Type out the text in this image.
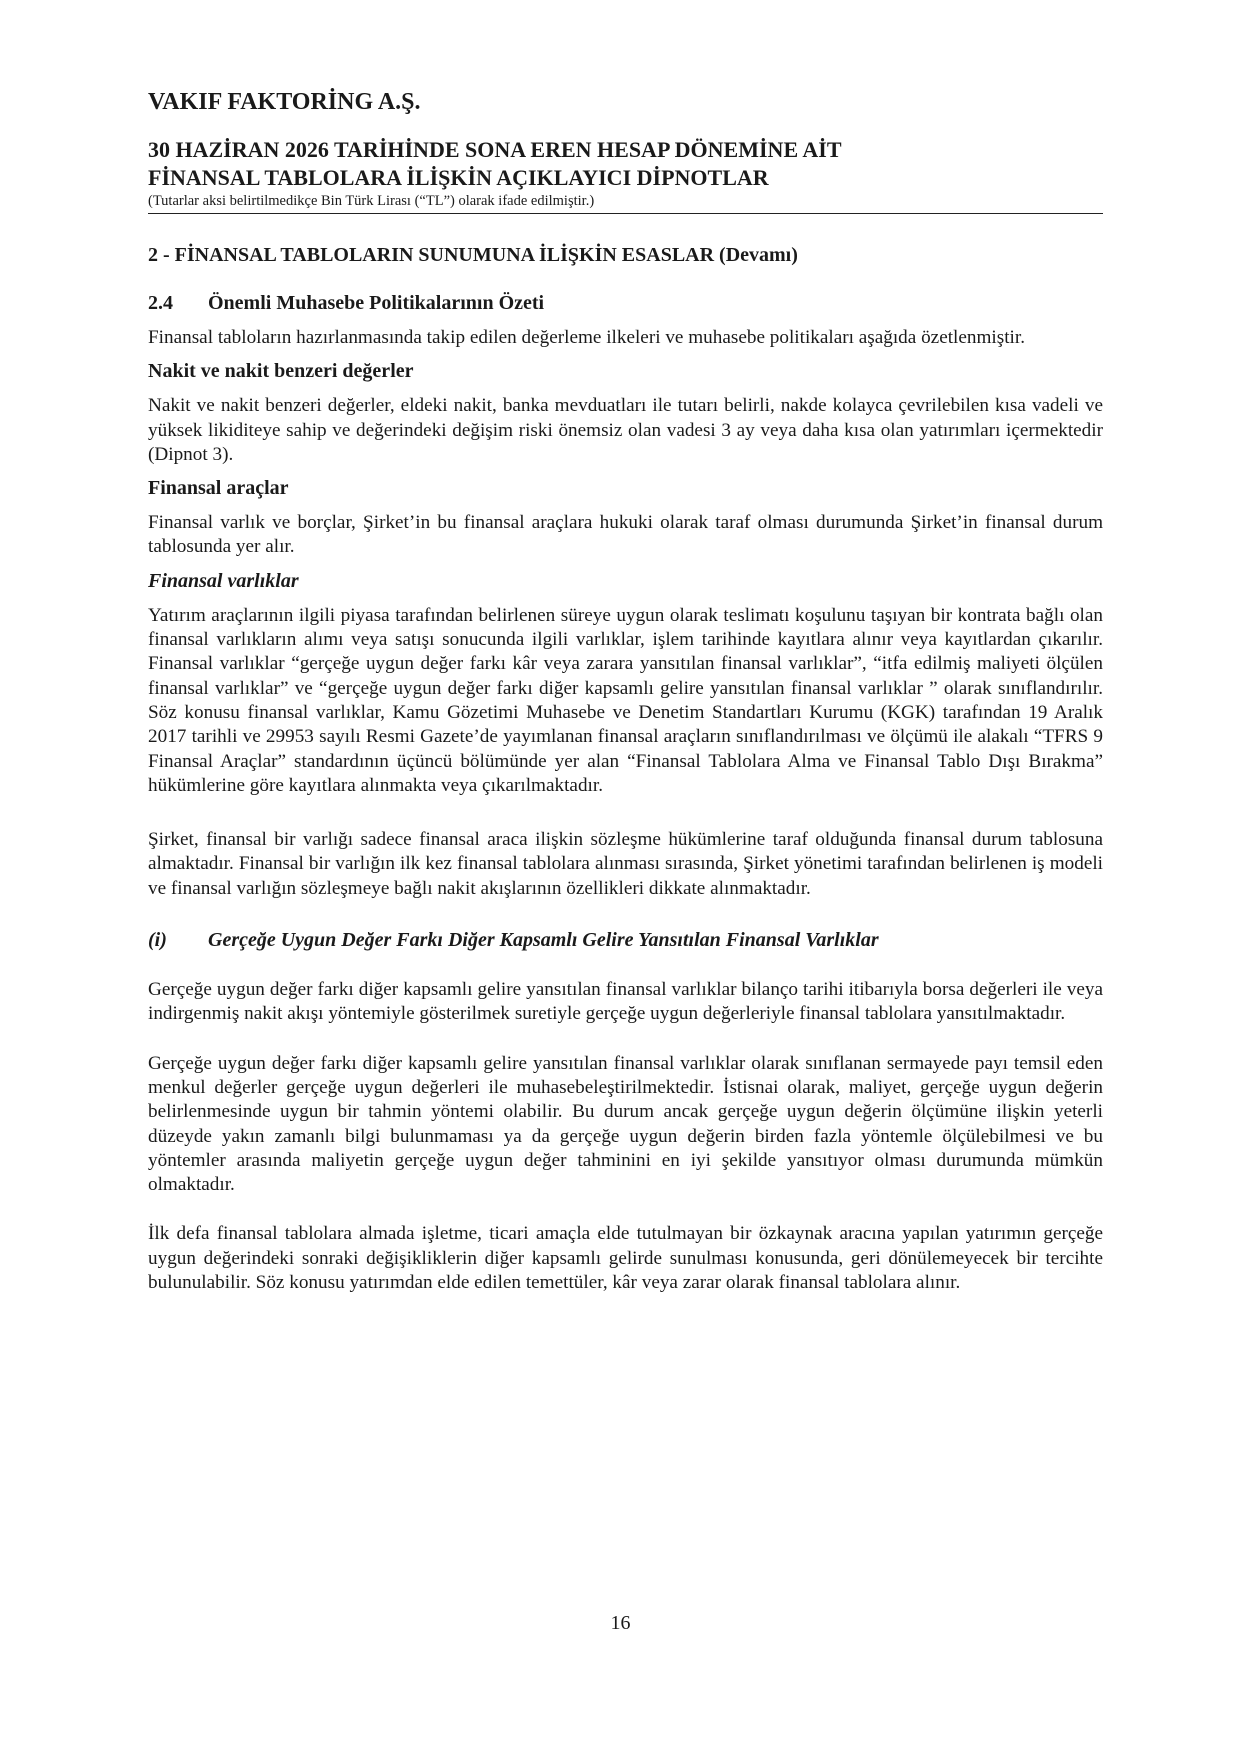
VAKIF FAKTORİNG A.Ş.
30 HAZİRAN 2026 TARİHİNDE SONA EREN HESAP DÖNEMİNE AİT
FİNANSAL TABLOLARA İLİŞKİN AÇIKLAYICI DİPNOTLAR
(Tutarlar aksi belirtilmedikçe Bin Türk Lirası (“TL”) olarak ifade edilmiştir.)
2 - FİNANSAL TABLOLARIN SUNUMUNA İLİŞKİN ESASLAR (Devamı)
2.4	Önemli Muhasebe Politikalarının Özeti

Finansal tabloların hazırlanmasında takip edilen değerleme ilkeleri ve muhasebe politikaları aşağıda özetlenmiştir.

Nakit ve nakit benzeri değerler

Nakit ve nakit benzeri değerler, eldeki nakit, banka mevduatları ile tutarı belirli, nakde kolayca çevrilebilen kısa vadeli ve yüksek likiditeye sahip ve değerindeki değişim riski önemsiz olan vadesi 3 ay veya daha kısa olan yatırımları içermektedir (Dipnot 3).

Finansal araçlar

Finansal varlık ve borçlar, Şirket’in bu finansal araçlara hukuki olarak taraf olması durumunda Şirket’in finansal durum tablosunda yer alır.

Finansal varlıklar

Yatırım araçlarının ilgili piyasa tarafından belirlenen süreye uygun olarak teslimatı koşulunu taşıyan bir kontrata bağlı olan finansal varlıkların alımı veya satışı sonucunda ilgili varlıklar, işlem tarihinde kayıtlara alınır veya kayıtlardan çıkarılır. Finansal varlıklar “gerçeğe uygun değer farkı kâr veya zarara yansıtılan finansal varlıklar”, “itfa edilmiş maliyeti ölçülen finansal varlıklar” ve “gerçeğe uygun değer farkı diğer kapsamlı gelire yansıtılan finansal varlıklar ” olarak sınıflandırılır. Söz konusu finansal varlıklar, Kamu Gözetimi Muhasebe ve Denetim Standartları Kurumu (KGK) tarafından 19 Aralık 2017 tarihli ve 29953 sayılı Resmi Gazete’de yayımlanan finansal araçların sınıflandırılması ve ölçümü ile alakalı “TFRS 9 Finansal Araçlar” standardının üçüncü bölümünde yer alan “Finansal Tablolara Alma ve Finansal Tablo Dışı Bırakma” hükümlerine göre kayıtlara alınmakta veya çıkarılmaktadır.

Şirket, finansal bir varlığı sadece finansal araca ilişkin sözleşme hükümlerine taraf olduğunda finansal durum tablosuna almaktadır. Finansal bir varlığın ilk kez finansal tablolara alınması sırasında, Şirket yönetimi tarafından belirlenen iş modeli ve finansal varlığın sözleşmeye bağlı nakit akışlarının özellikleri dikkate alınmaktadır.

(i)	Gerçeğe Uygun Değer Farkı Diğer Kapsamlı Gelire Yansıtılan Finansal Varlıklar

Gerçeğe uygun değer farkı diğer kapsamlı gelire yansıtılan finansal varlıklar bilanço tarihi itibarıyla borsa değerleri ile veya indirgenmiş nakit akışı yöntemiyle gösterilmek suretiyle gerçeğe uygun değerleriyle finansal tablolara yansıtılmaktadır.

Gerçeğe uygun değer farkı diğer kapsamlı gelire yansıtılan finansal varlıklar olarak sınıflanan sermayede payı temsil eden menkul değerler gerçeğe uygun değerleri ile muhasebeleştirilmektedir. İstisnai olarak, maliyet, gerçeğe uygun değerin belirlenmesinde uygun bir tahmin yöntemi olabilir. Bu durum ancak gerçeğe uygun değerin ölçümüne ilişkin yeterli düzeyde yakın zamanlı bilgi bulunmaması ya da gerçeğe uygun değerin birden fazla yöntemle ölçülebilmesi ve bu yöntemler arasında maliyetin gerçeğe uygun değer tahminini en iyi şekilde yansıtıyor olması durumunda mümkün olmaktadır.

İlk defa finansal tablolara almada işletme, ticari amaçla elde tutulmayan bir özkaynak aracına yapılan yatırımın gerçeğe uygun değerindeki sonraki değişikliklerin diğer kapsamlı gelirde sunulması konusunda, geri dönülemeyecek bir tercihte bulunulabilir. Söz konusu yatırımdan elde edilen temettüler, kâr veya zarar olarak finansal tablolara alınır.

16
